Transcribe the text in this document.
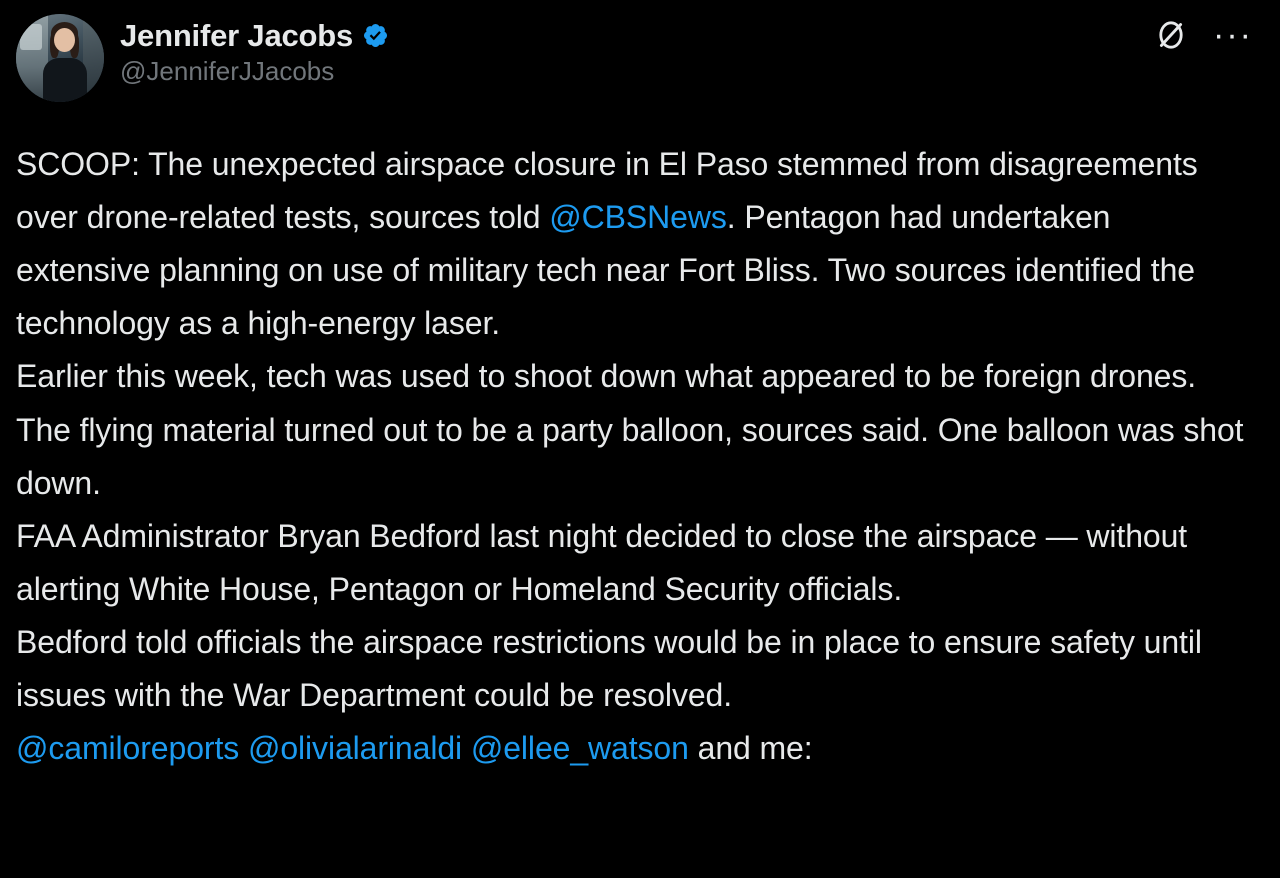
Jennifer Jacobs
@JenniferJJacobs
···
SCOOP: The unexpected airspace closure in El Paso stemmed from disagreements over drone-related tests, sources told @CBSNews. Pentagon had undertaken extensive planning on use of military tech near Fort Bliss. Two sources identified the technology as a high-energy laser.
Earlier this week, tech was used to shoot down what appeared to be foreign drones. The flying material turned out to be a party balloon, sources said. One balloon was shot down.
FAA Administrator Bryan Bedford last night decided to close the airspace — without alerting White House, Pentagon or Homeland Security officials.
Bedford told officials the airspace restrictions would be in place to ensure safety until issues with the War Department could be resolved.
@camiloreports @olivialarinaldi @ellee_watson and me:
